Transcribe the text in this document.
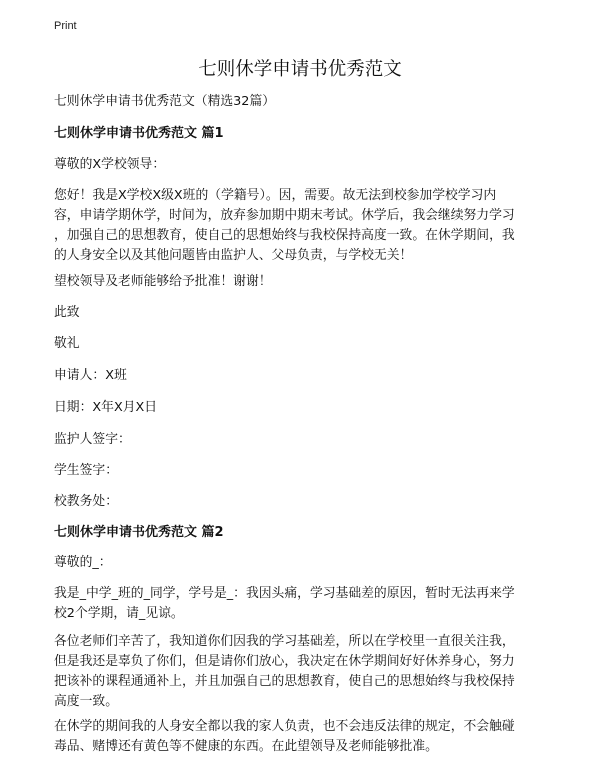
Print
七则休学申请书优秀范文
七则休学申请书优秀范文（精选32篇）
七则休学申请书优秀范文 篇1
尊敬的X学校领导：
您好！我是X学校X级X班的（学籍号）。因，需要。故无法到校参加学校学习内
容，申请学期休学，时间为，放弃参加期中期末考试。休学后，我会继续努力学习
，加强自己的思想教育，使自己的思想始终与我校保持高度一致。在休学期间，我
的人身安全以及其他问题皆由监护人、父母负责，与学校无关！
望校领导及老师能够给予批准！谢谢！
此致
敬礼
申请人：X班
日期：X年X月X日
监护人签字：
学生签字：
校教务处：
七则休学申请书优秀范文 篇2
尊敬的_：
我是_中学_班的_同学，学号是_：我因头痛，学习基础差的原因，暂时无法再来学
校2个学期，请_见谅。
各位老师们辛苦了，我知道你们因我的学习基础差，所以在学校里一直很关注我，
但是我还是辜负了你们，但是请你们放心，我决定在休学期间好好休养身心，努力
把该补的课程通通补上，并且加强自己的思想教育，使自己的思想始终与我校保持
高度一致。
在休学的期间我的人身安全都以我的家人负责，也不会违反法律的规定，不会触碰
毒品、赌博还有黄色等不健康的东西。在此望领导及老师能够批准。
